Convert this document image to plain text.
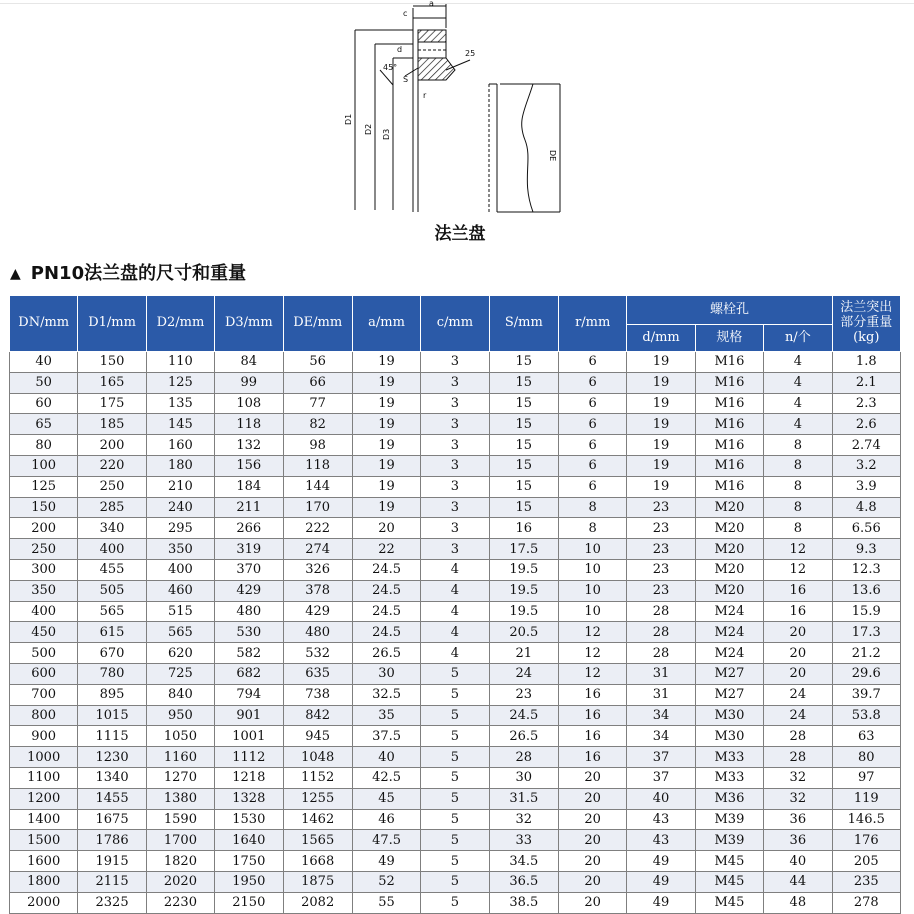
c
a
d
45°
S
r
25
D1
D2 D3
DE
法兰盘
▲ PN10法兰盘的尺寸和重量
DN/mm	D1/mm	D2/mm	D3/mm	DE/mm	a/mm	c/mm	S/mm	r/mm	螺栓孔			法兰突出
部分重量
(kg)

									d/mm	规格	n/个	
40	150	110	84	56	19	3	15	6	19	M16	4	1.8
50	165	125	99	66	19	3	15	6	19	M16	4	2.1
60	175	135	108	77	19	3	15	6	19	M16	4	2.3
65	185	145	118	82	19	3	15	6	19	M16	4	2.6
80	200	160	132	98	19	3	15	6	19	M16	8	2.74
100	220	180	156	118	19	3	15	6	19	M16	8	3.2
125	250	210	184	144	19	3	15	6	19	M16	8	3.9
150	285	240	211	170	19	3	15	8	23	M20	8	4.8
200	340	295	266	222	20	3	16	8	23	M20	8	6.56
250	400	350	319	274	22	3	17.5	10	23	M20	12	9.3
300	455	400	370	326	24.5	4	19.5	10	23	M20	12	12.3
350	505	460	429	378	24.5	4	19.5	10	23	M20	16	13.6
400	565	515	480	429	24.5	4	19.5	10	28	M24	16	15.9
450	615	565	530	480	24.5	4	20.5	12	28	M24	20	17.3
500	670	620	582	532	26.5	4	21	12	28	M24	20	21.2
600	780	725	682	635	30	5	24	12	31	M27	20	29.6
700	895	840	794	738	32.5	5	23	16	31	M27	24	39.7
800	1015	950	901	842	35	5	24.5	16	34	M30	24	53.8
900	1115	1050	1001	945	37.5	5	26.5	16	34	M30	28	63
1000	1230	1160	1112	1048	40	5	28	16	37	M33	28	80
1100	1340	1270	1218	1152	42.5	5	30	20	37	M33	32	97
1200	1455	1380	1328	1255	45	5	31.5	20	40	M36	32	119
1400	1675	1590	1530	1462	46	5	32	20	43	M39	36	146.5
1500	1786	1700	1640	1565	47.5	5	33	20	43	M39	36	176
1600	1915	1820	1750	1668	49	5	34.5	20	49	M45	40	205
1800	2115	2020	1950	1875	52	5	36.5	20	49	M45	44	235
2000	2325	2230	2150	2082	55	5	38.5	20	49	M45	48	278
